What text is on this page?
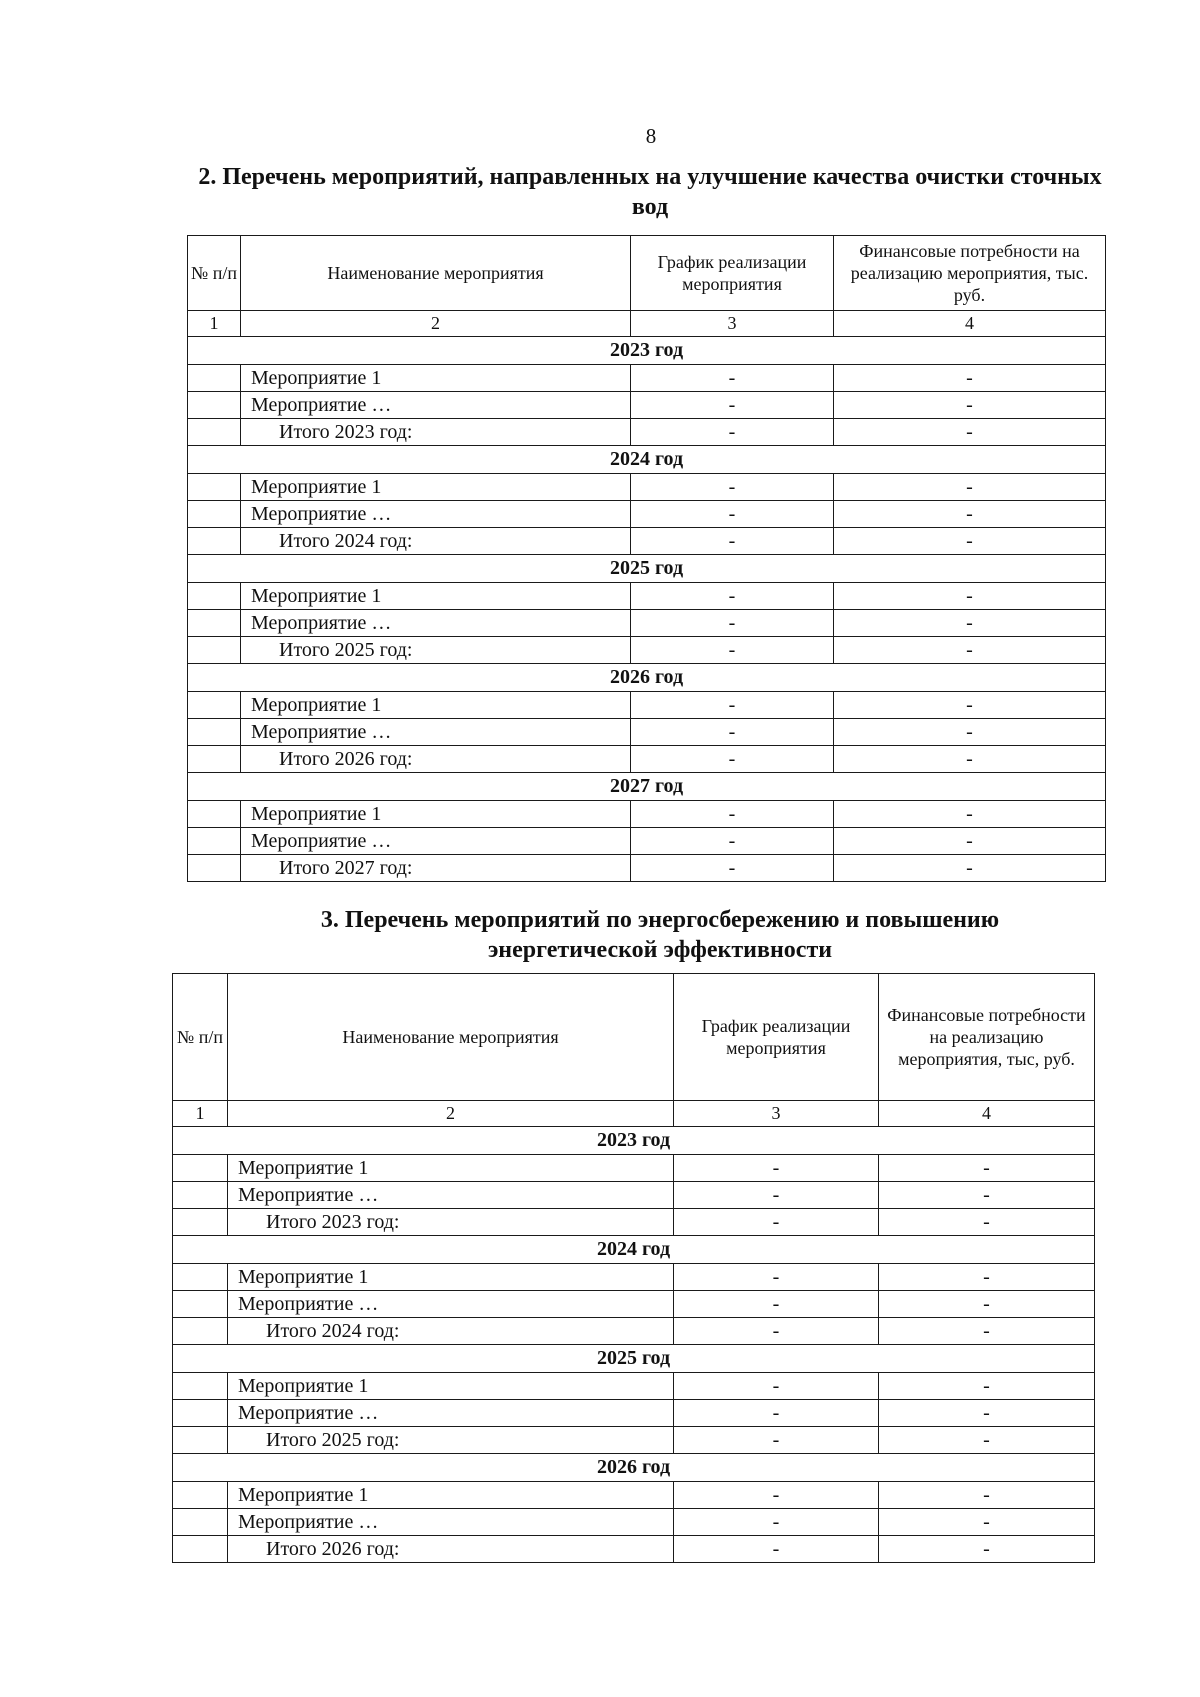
8
2. Перечень мероприятий, направленных на улучшение качества очистки сточных вод
№ п/п	Наименование мероприятия	График реализации мероприятия	Финансовые потребности на реализацию мероприятия, тыс. руб.
1	2	3	4
2023 год			
	Мероприятие 1	-	-
	Мероприятие …	-	-
	Итого 2023 год:	-	-
2024 год			
	Мероприятие 1	-	-
	Мероприятие …	-	-
	Итого 2024 год:	-	-
2025 год			
	Мероприятие 1	-	-
	Мероприятие …	-	-
	Итого 2025 год:	-	-
2026 год			
	Мероприятие 1	-	-
	Мероприятие …	-	-
	Итого 2026 год:	-	-
2027 год			
	Мероприятие 1	-	-
	Мероприятие …	-	-
	Итого 2027 год:	-	-
3. Перечень мероприятий по энергосбережению и повышению энергетической эффективности
№ п/п	Наименование мероприятия	График реализации мероприятия	Финансовые потребности на реализацию мероприятия, тыс, руб.
1	2	3	4
2023 год			
	Мероприятие 1	-	-
	Мероприятие …	-	-
	Итого 2023 год:	-	-
2024 год			
	Мероприятие 1	-	-
	Мероприятие …	-	-
	Итого 2024 год:	-	-
2025 год			
	Мероприятие 1	-	-
	Мероприятие …	-	-
	Итого 2025 год:	-	-
2026 год			
	Мероприятие 1	-	-
	Мероприятие …	-	-
	Итого 2026 год:	-	-
